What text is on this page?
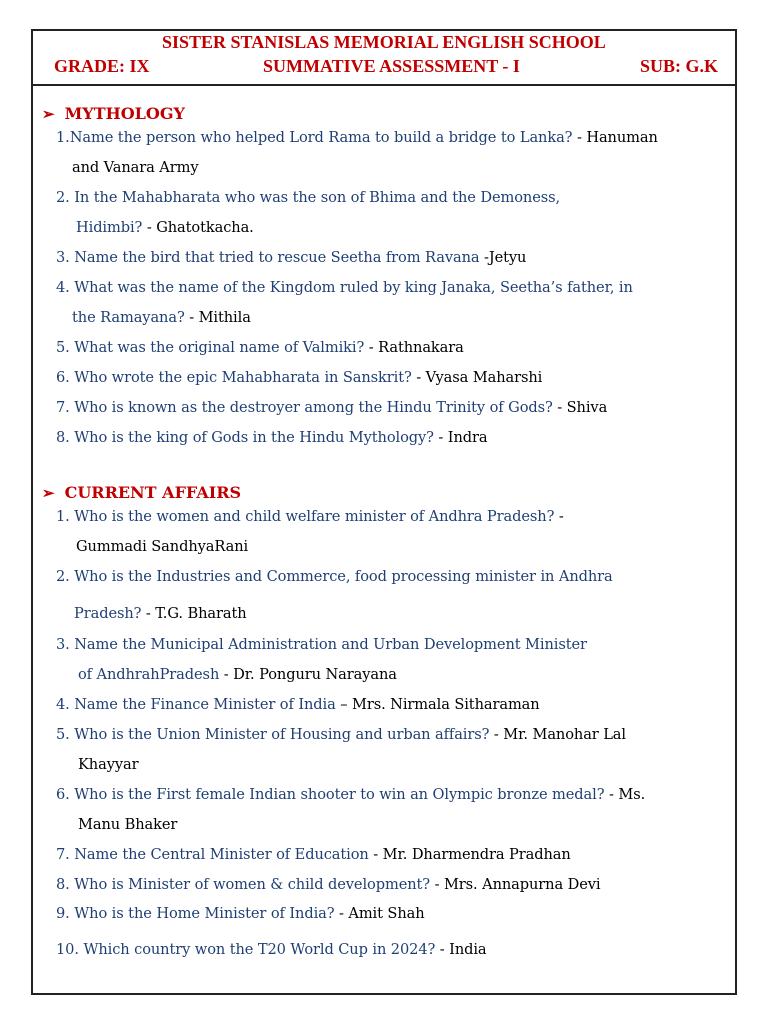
SISTER STANISLAS MEMORIAL ENGLISH SCHOOL
GRADE: IX	SUMMATIVE ASSESSMENT - I	SUB: G.K
➢ MYTHOLOGY
1.Name the person who helped Lord Rama to build a bridge to Lanka? - Hanuman
and Vanara Army
2. In the Mahabharata who was the son of Bhima and the Demoness,
Hidimbi? - Ghatotkacha.
3. Name the bird that tried to rescue Seetha from Ravana -Jetyu
4. What was the name of the Kingdom ruled by king Janaka, Seetha’s father, in
the Ramayana? - Mithila
5. What was the original name of Valmiki? - Rathnakara
6. Who wrote the epic Mahabharata in Sanskrit? - Vyasa Maharshi
7. Who is known as the destroyer among the Hindu Trinity of Gods? - Shiva
8. Who is the king of Gods in the Hindu Mythology? - Indra
➢ CURRENT AFFAIRS
1. Who is the women and child welfare minister of Andhra Pradesh? -
Gummadi SandhyaRani
2. Who is the Industries and Commerce, food processing minister in Andhra
Pradesh? - T.G. Bharath
3. Name the Municipal Administration and Urban Development Minister
of AndhrahPradesh - Dr. Ponguru Narayana
4. Name the Finance Minister of India – Mrs. Nirmala Sitharaman
5. Who is the Union Minister of Housing and urban affairs? - Mr. Manohar Lal
Khayyar
6. Who is the First female Indian shooter to win an Olympic bronze medal? - Ms.
Manu Bhaker
7. Name the Central Minister of Education - Mr. Dharmendra Pradhan
8. Who is Minister of women & child development? - Mrs. Annapurna Devi
9. Who is the Home Minister of India? - Amit Shah
10. Which country won the T20 World Cup in 2024? - India
